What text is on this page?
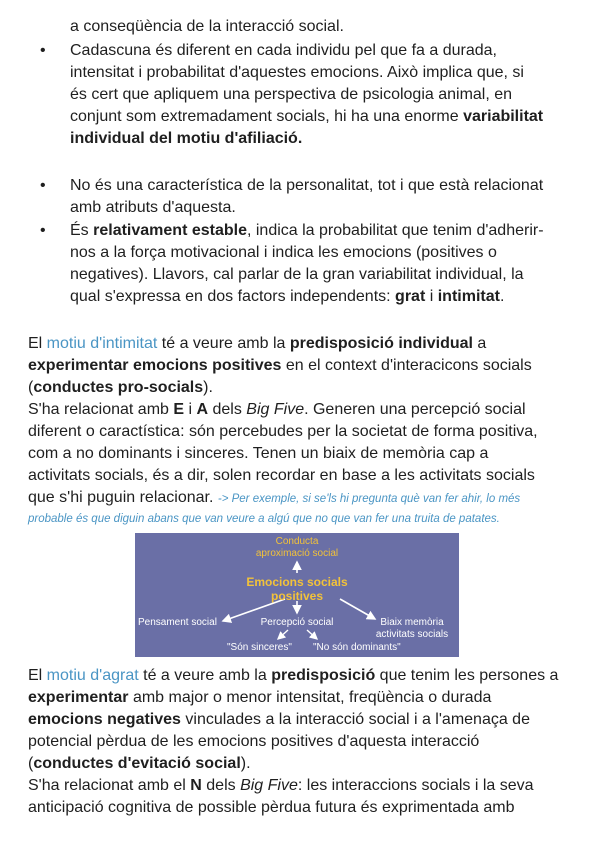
a conseqüència de la interacció social.
• Cadascuna és diferent en cada individu pel que fa a durada,
intensitat i probabilitat d'aquestes emocions. Això implica que, si
és cert que apliquem una perspectiva de psicologia animal, en
conjunt som extremadament socials, hi ha una enorme variabilitat
individual del motiu d'afiliació.
• No és una característica de la personalitat, tot i que està relacionat
amb atributs d'aquesta.
• És relativament estable, indica la probabilitat que tenim d'adherir-
nos a la força motivacional i indica les emocions (positives o
negatives). Llavors, cal parlar de la gran variabilitat individual, la
qual s'expressa en dos factors independents: grat i intimitat.
El motiu d'intimitat té a veure amb la predisposició individual a
experimentar emocions positives en el context d'interacicons socials
(conductes pro-socials).
S'ha relacionat amb E i A dels Big Five. Generen una percepció social
diferent o caractística: són percebudes per la societat de forma positiva,
com a no dominants i sinceres. Tenen un biaix de memòria cap a
activitats socials, és a dir, solen recordar en base a les activitats socials
que s'hi puguin relacionar. -> Per exemple, si se'ls hi pregunta què van fer ahir, lo més
probable és que diguin abans que van veure a algú que no que van fer una truita de patates.
Conducta
aproximació social
Emocions socials
positives
Pensament social	Percepció social	Biaix memòria
activitats socials
"Són sinceres" "No són dominants"
El motiu d'agrat té a veure amb la predisposició que tenim les persones a
experimentar amb major o menor intensitat, freqüència o durada
emocions negatives vinculades a la interacció social i a l'amenaça de
potencial pèrdua de les emocions positives d'aquesta interacció
(conductes d'evitació social).
S'ha relacionat amb el N dels Big Five: les interaccions socials i la seva
anticipació cognitiva de possible pèrdua futura és exprimentada amb
